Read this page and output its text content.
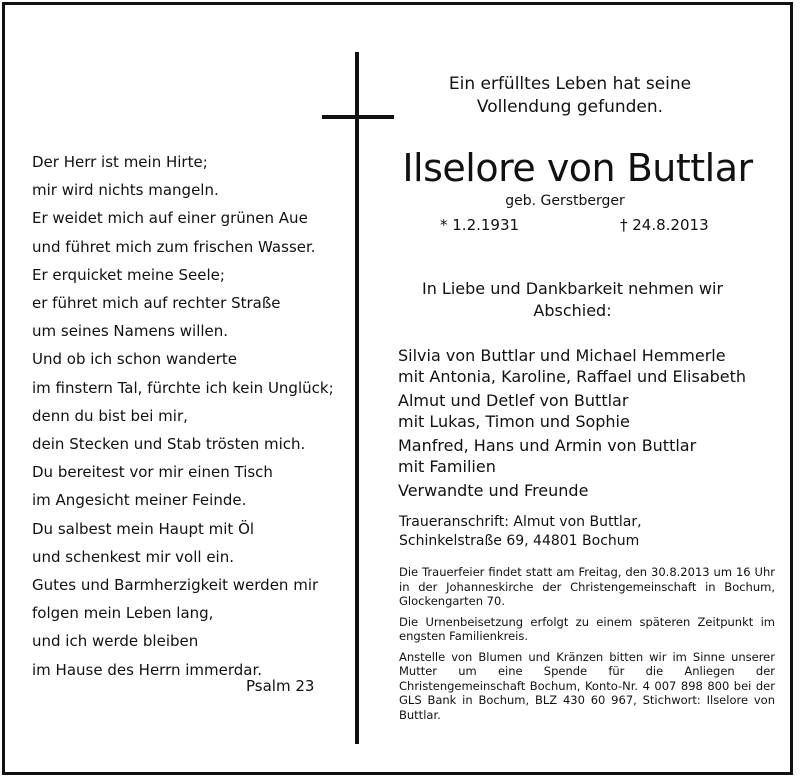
Der Herr ist mein Hirte;
mir wird nichts mangeln.
Er weidet mich auf einer grünen Aue
und führet mich zum frischen Wasser.
Er erquicket meine Seele;
er führet mich auf rechter Straße
um seines Namens willen.
Und ob ich schon wanderte
im finstern Tal, fürchte ich kein Unglück;
denn du bist bei mir,
dein Stecken und Stab trösten mich.
Du bereitest vor mir einen Tisch
im Angesicht meiner Feinde.
Du salbest mein Haupt mit Öl
und schenkest mir voll ein.
Gutes und Barmherzigkeit werden mir
folgen mein Leben lang,
und ich werde bleiben
im Hause des Herrn immerdar.
Psalm 23
Ein erfülltes Leben hat seine
Vollendung gefunden.
Ilselore von Buttlar
geb. Gerstberger
* 1.2.1931	† 24.8.2013
In Liebe und Dankbarkeit nehmen wir
Abschied:
Silvia von Buttlar und Michael Hemmerle
mit Antonia, Karoline, Raffael und Elisabeth
Almut und Detlef von Buttlar
mit Lukas, Timon und Sophie
Manfred, Hans und Armin von Buttlar
mit Familien
Verwandte und Freunde
Traueranschrift: Almut von Buttlar,
Schinkelstraße 69, 44801 Bochum

Die Trauerfeier findet statt am Freitag, den 30.8.2013 um 16 Uhr in der Johanneskirche der Christengemeinschaft in Bochum, Glockengarten 70.

Die Urnenbeisetzung erfolgt zu einem späteren Zeitpunkt im engsten Familienkreis.

Anstelle von Blumen und Kränzen bitten wir im Sinne unserer Mutter um eine Spende für die Anliegen der Christengemeinschaft Bochum, Konto-Nr. 4 007 898 800 bei der GLS Bank in Bochum, BLZ 430 60 967, Stichwort: Ilselore von Buttlar.
